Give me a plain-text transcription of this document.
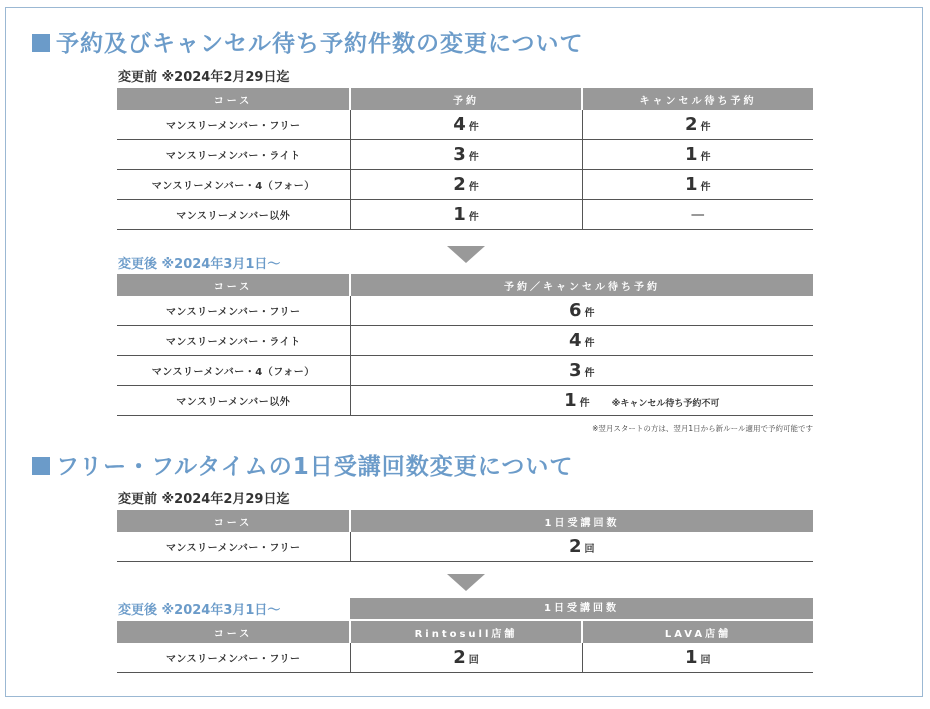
予約及びキャンセル待ち予約件数の変更について
変更前 ※2024年2月29日迄
コース	予約	キャンセル待ち予約
マンスリーメンバー・フリー	4 件	2 件
マンスリーメンバー・ライト	3 件	1 件
マンスリーメンバー・4（フォー）	2 件	1 件
マンスリーメンバー以外	1 件	—
変更後 ※2024年3月1日〜
コース	予約／キャンセル待ち予約
マンスリーメンバー・フリー	6 件
マンスリーメンバー・ライト	4 件
マンスリーメンバー・4（フォー）	3 件
マンスリーメンバー以外	1 件 ※キャンセル待ち予約不可
※翌月スタートの方は、翌月1日から新ルール適用で予約可能です
フリー・フルタイムの1日受講回数変更について
変更前 ※2024年2月29日迄
コース	1日受講回数
マンスリーメンバー・フリー	2 回
変更後 ※2024年3月1日〜	1日受講回数
コース	Rintosull店舗	LAVA店舗
マンスリーメンバー・フリー	2 回	1 回
